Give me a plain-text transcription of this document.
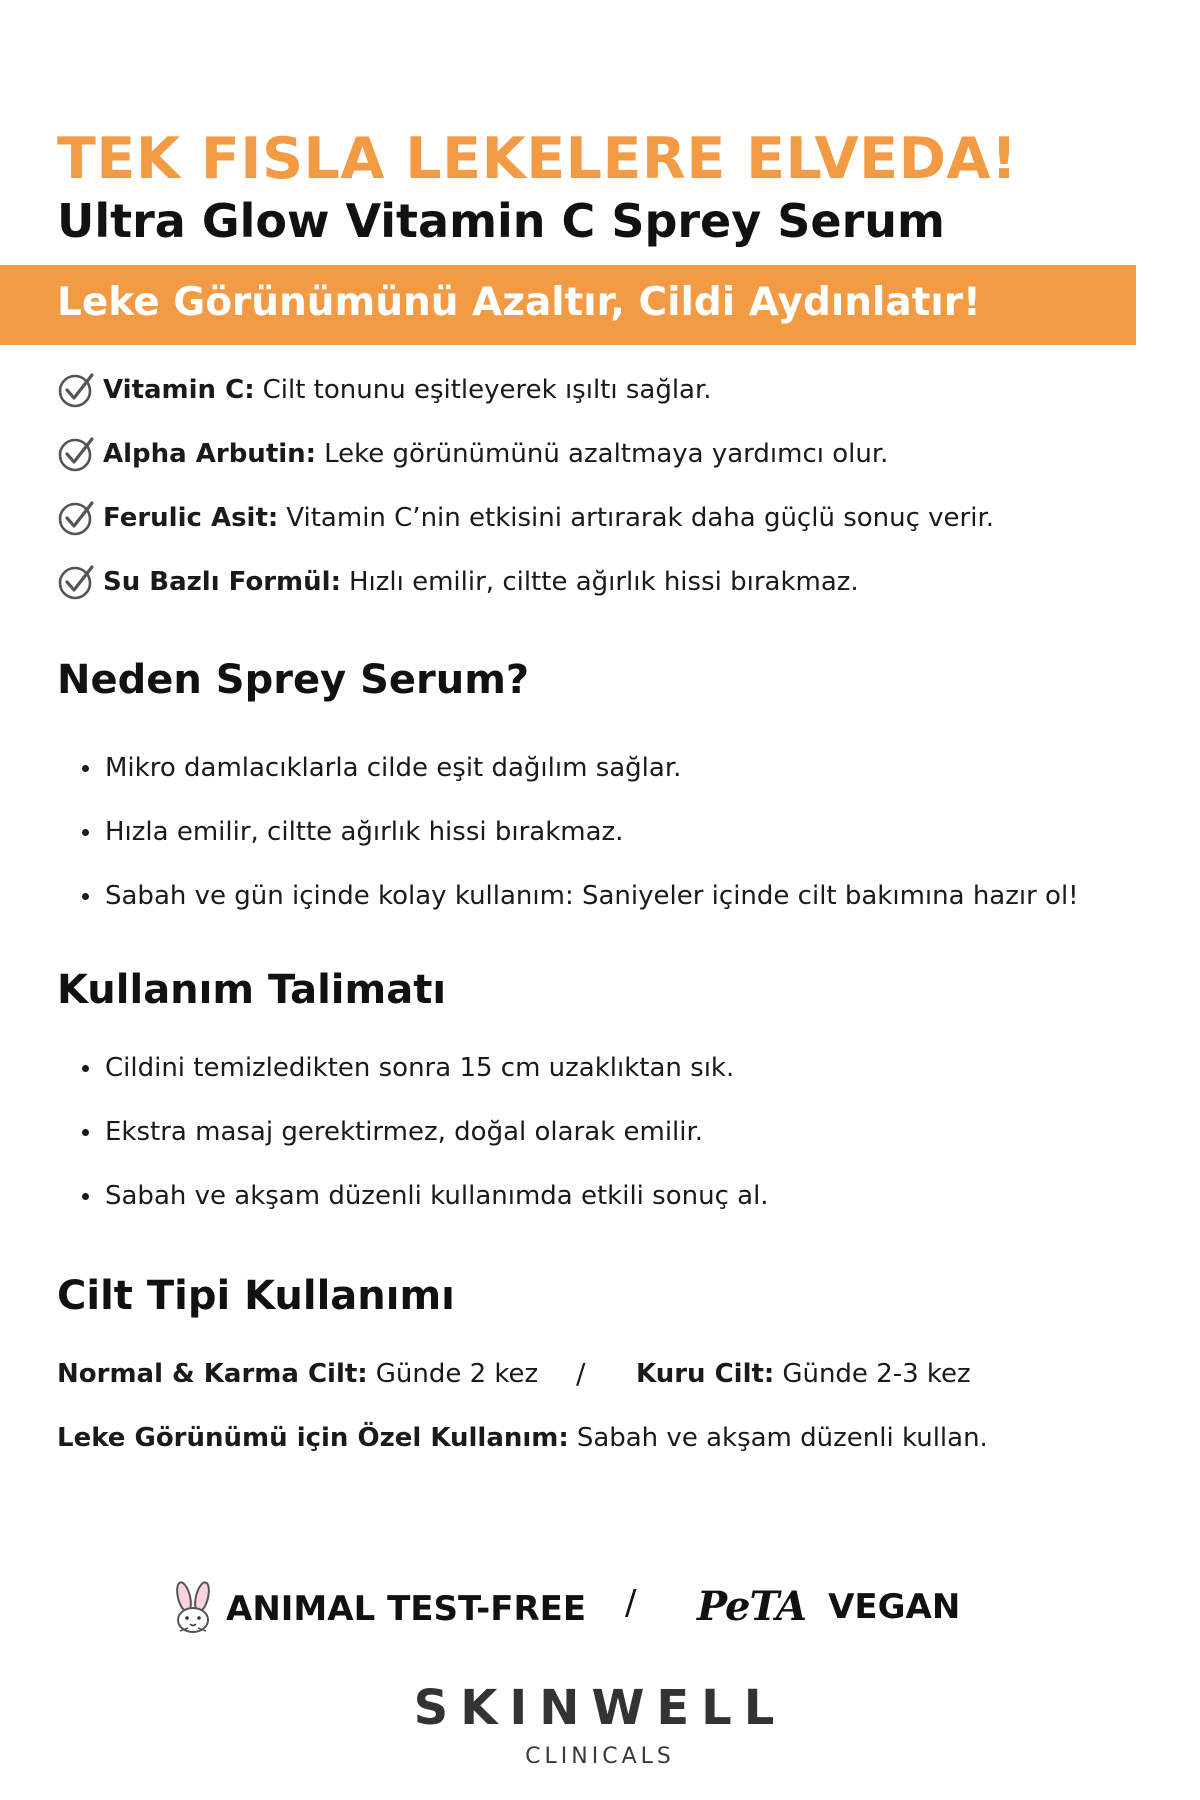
TEK FISLA LEKELERE ELVEDA!
Ultra Glow Vitamin C Sprey Serum
Leke Görünümünü Azaltır, Cildi Aydınlatır!
Vitamin C: Cilt tonunu eşitleyerek ışıltı sağlar.
Alpha Arbutin: Leke görünümünü azaltmaya yardımcı olur.
Ferulic Asit: Vitamin C’nin etkisini artırarak daha güçlü sonuç verir.
Su Bazlı Formül: Hızlı emilir, ciltte ağırlık hissi bırakmaz.
Neden Sprey Serum?
Mikro damlacıklarla cilde eşit dağılım sağlar.
Hızla emilir, ciltte ağırlık hissi bırakmaz.
Sabah ve gün içinde kolay kullanım: Saniyeler içinde cilt bakımına hazır ol!
Kullanım Talimatı
Cildini temizledikten sonra 15 cm uzaklıktan sık.
Ekstra masaj gerektirmez, doğal olarak emilir.
Sabah ve akşam düzenli kullanımda etkili sonuç al.
Cilt Tipi Kullanımı
Normal & Karma Cilt: Günde 2 kez / Kuru Cilt: Günde 2-3 kez
Leke Görünümü için Özel Kullanım: Sabah ve akşam düzenli kullan.
ANIMAL TEST-FREE / PeTA VEGAN
SKINWELL
CLINICALS
